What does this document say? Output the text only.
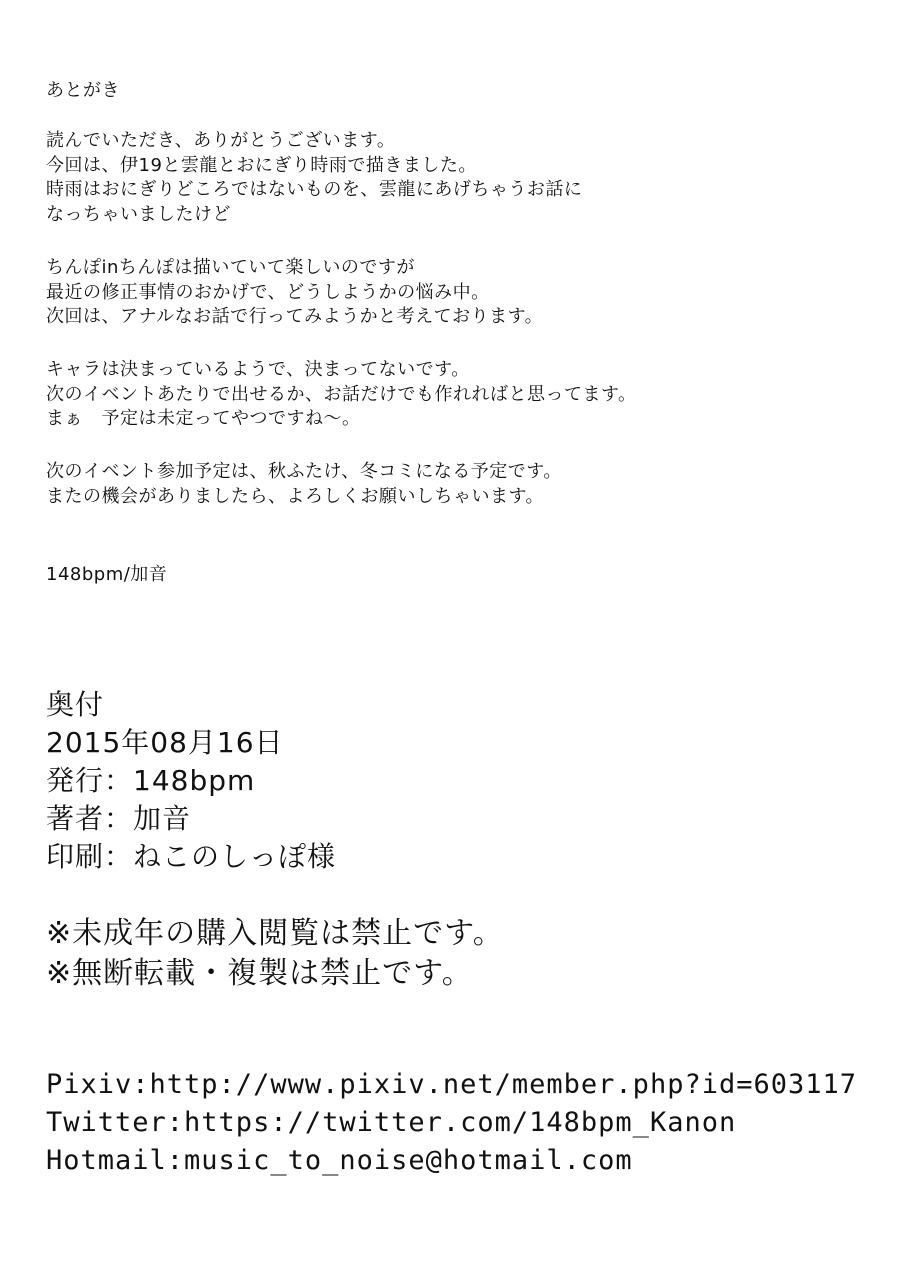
あとがき
読んでいただき、ありがとうございます。
今回は、伊19と雲龍とおにぎり時雨で描きました。
時雨はおにぎりどころではないものを、雲龍にあげちゃうお話に
なっちゃいましたけど
ちんぽinちんぽは描いていて楽しいのですが
最近の修正事情のおかげで、どうしようかの悩み中。
次回は、アナルなお話で行ってみようかと考えております。
キャラは決まっているようで、決まってないです。
次のイベントあたりで出せるか、お話だけでも作れればと思ってます。
まぁ　予定は未定ってやつですね～。
次のイベント参加予定は、秋ふたけ、冬コミになる予定です。
またの機会がありましたら、よろしくお願いしちゃいます。
148bpm/加音
奥付
2015年08月16日
発行：148bpm
著者：加音
印刷：ねこのしっぽ様
※未成年の購入閲覧は禁止です。
※無断転載・複製は禁止です。
Pixiv:http://www.pixiv.net/member.php?id=603117
Twitter:https://twitter.com/148bpm_Kanon
Hotmail:music_to_noise@hotmail.com
